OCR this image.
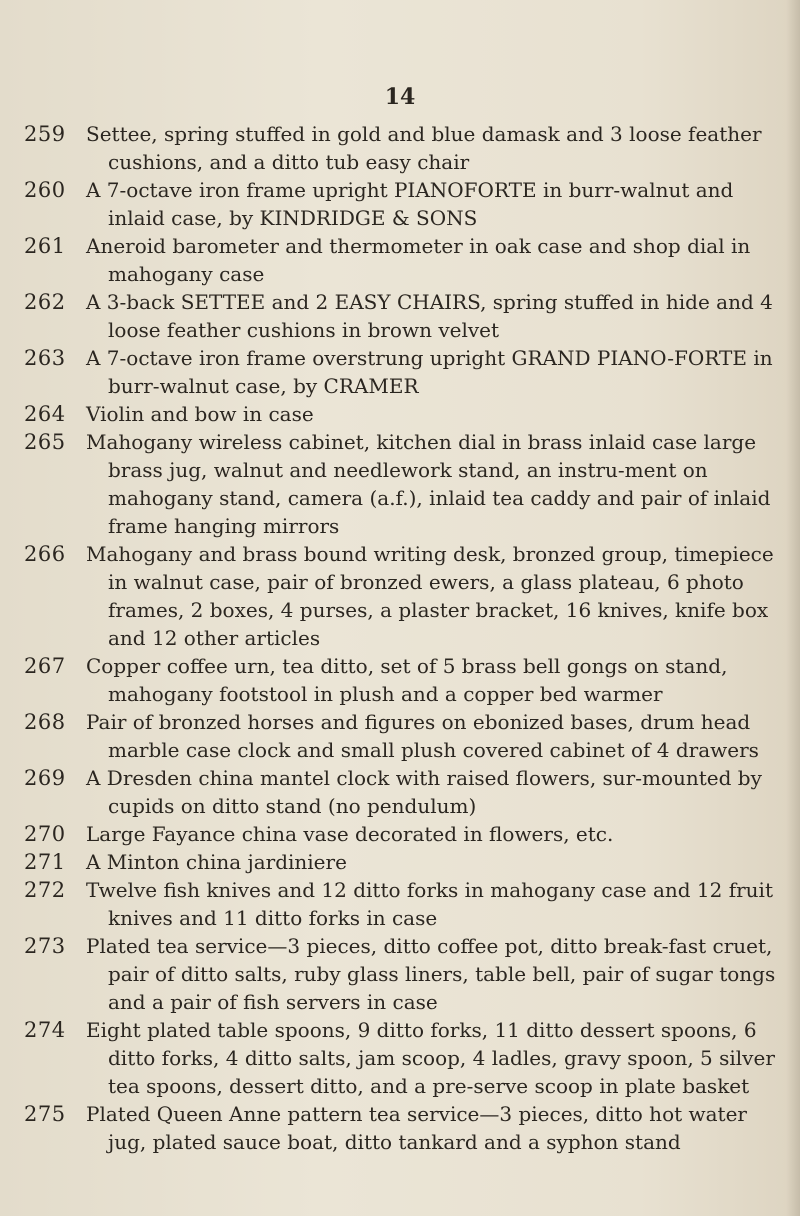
14
259	Settee, spring stuffed in gold and blue damask and 3 loose feather cushions, and a ditto tub easy chair
260	A 7-octave iron frame upright PIANOFORTE in burr-walnut and inlaid case, by KINDRIDGE & SONS
261	Aneroid barometer and thermometer in oak case and shop dial in mahogany case
262	A 3-back SETTEE and 2 EASY CHAIRS, spring stuffed in hide and 4 loose feather cushions in brown velvet
263	A 7-octave iron frame overstrung upright GRAND PIANO-FORTE in burr-walnut case, by CRAMER
264	Violin and bow in case
265	Mahogany wireless cabinet, kitchen dial in brass inlaid case large brass jug, walnut and needlework stand, an instru-ment on mahogany stand, camera (a.f.), inlaid tea caddy and pair of inlaid frame hanging mirrors
266	Mahogany and brass bound writing desk, bronzed group, timepiece in walnut case, pair of bronzed ewers, a glass plateau, 6 photo frames, 2 boxes, 4 purses, a plaster bracket, 16 knives, knife box and 12 other articles
267	Copper coffee urn, tea ditto, set of 5 brass bell gongs on stand, mahogany footstool in plush and a copper bed warmer
268	Pair of bronzed horses and figures on ebonized bases, drum head marble case clock and small plush covered cabinet of 4 drawers
269	A Dresden china mantel clock with raised flowers, sur-mounted by cupids on ditto stand (no pendulum)
270	Large Fayance china vase decorated in flowers, etc.
271	A Minton china jardiniere
272	Twelve fish knives and 12 ditto forks in mahogany case and 12 fruit knives and 11 ditto forks in case
273	Plated tea service—3 pieces, ditto coffee pot, ditto break-fast cruet, pair of ditto salts, ruby glass liners, table bell, pair of sugar tongs and a pair of fish servers in case
274	Eight plated table spoons, 9 ditto forks, 11 ditto dessert spoons, 6 ditto forks, 4 ditto salts, jam scoop, 4 ladles, gravy spoon, 5 silver tea spoons, dessert ditto, and a pre-serve scoop in plate basket
275	Plated Queen Anne pattern tea service—3 pieces, ditto hot water jug, plated sauce boat, ditto tankard and a syphon stand
